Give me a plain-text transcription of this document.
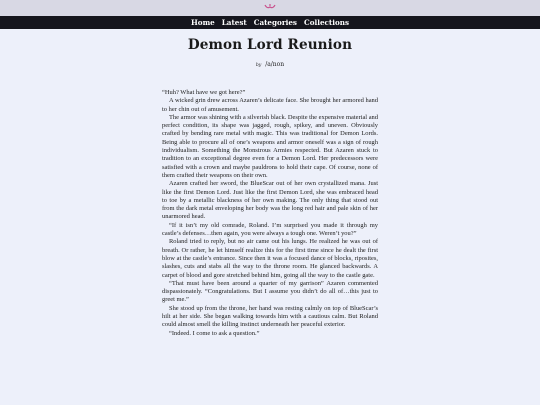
Home Latest Categories Collections
Demon Lord Reunion
by /a/non

“Huh? What have we got here?”

A wicked grin drew across Azaren’s delicate face. She brought her armored hand to her chin out of amusement.

The armor was shining with a silverish black. Despite the expensive material and perfect condition, its shape was jagged, rough, spikey, and uneven. Obviously crafted by bending rare metal with magic. This was traditional for Demon Lords. Being able to procure all of one’s weapons and armor oneself was a sign of rough individualism. Something the Monstrous Armies respected. But Azaren stuck to tradition to an exceptional degree even for a Demon Lord. Her predecessors were satisfied with a crown and maybe pauldrons to hold their cape. Of course, none of them crafted their weapons on their own.

Azaren crafted her sword, the BlueScar out of her own crystallized mana. Just like the first Demon Lord. Just like the first Demon Lord, she was embraced head to toe by a metallic blackness of her own making. The only thing that stood out from the dark metal enveloping her body was the long red hair and pale skin of her unarmored head.

“If it isn’t my old comrade, Roland. I’m surprised you made it through my castle’s defenses…then again, you were always a tough one. Weren’t you?”

Roland tried to reply, but no air came out his lungs. He realized he was out of breath. Or rather, he let himself realize this for the first time since he dealt the first blow at the castle’s entrance. Since then it was a focused dance of blocks, riposites, slashes, cuts and stabs all the way to the throne room. He glanced backwards. A carpet of blood and gore stretched behind him, going all the way to the castle gate.

“That must have been around a quarter of my garrison” Azaren commented dispassionately. “Congratulations. But I assume you didn’t do all of…this just to greet me.”

She stood up from the throne, her hand was resting calmly on top of BlueScar’s hilt at her side. She began walking towards him with a cautious calm. But Roland could almost smell the killing instinct underneath her peaceful exterior.

“Indeed. I come to ask a question.”
